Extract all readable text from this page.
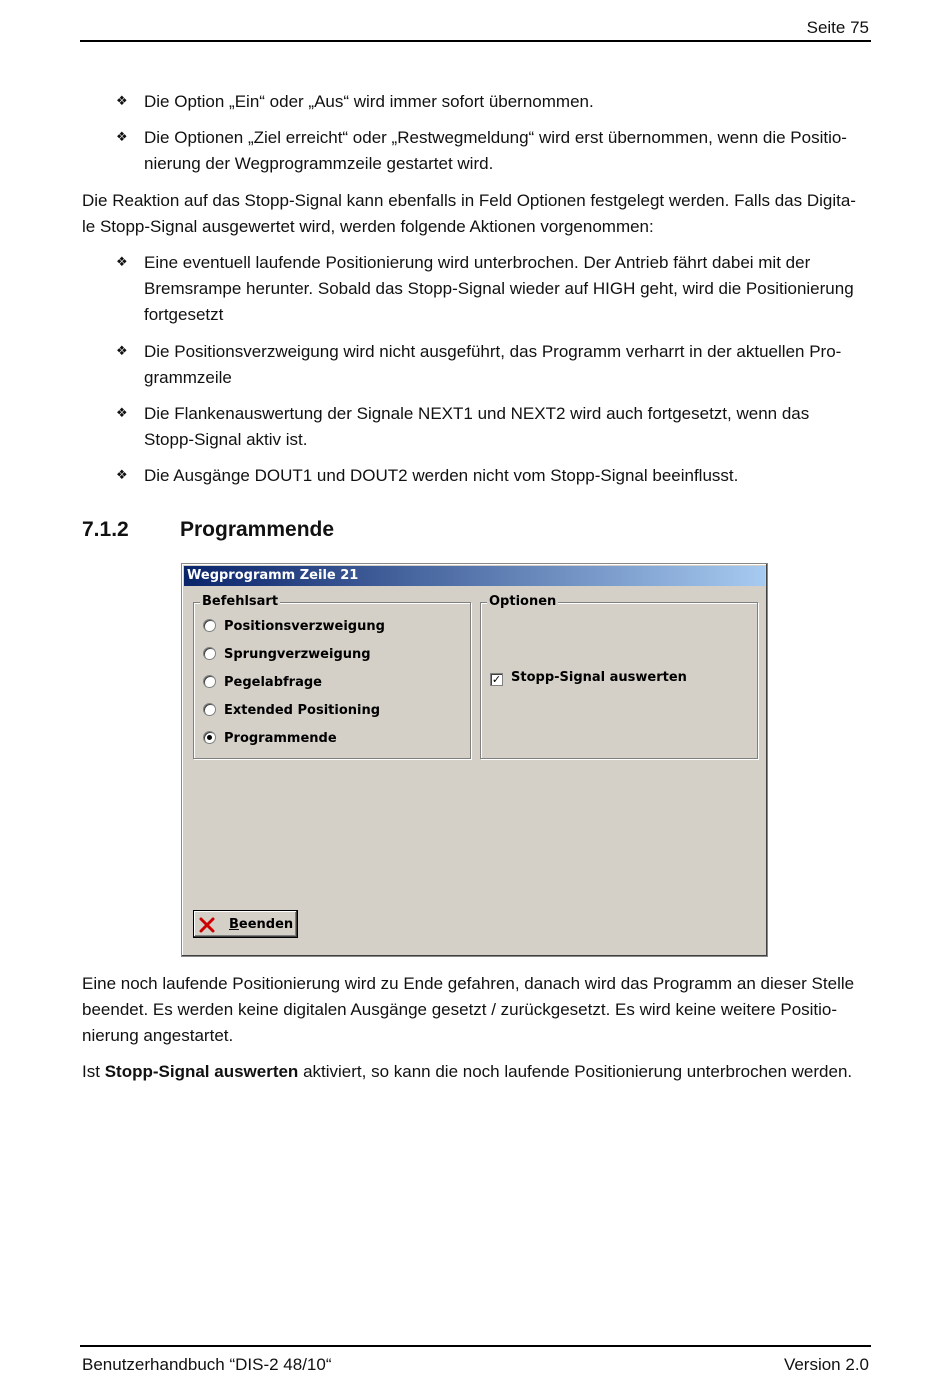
Seite 75
❖ Die Option „Ein“ oder „Aus“ wird immer sofort übernommen.
❖ Die Optionen „Ziel erreicht“ oder „Restwegmeldung“ wird erst übernommen, wenn die Positio-
nierung der Wegprogrammzeile gestartet wird.
Die Reaktion auf das Stopp-Signal kann ebenfalls in Feld Optionen festgelegt werden. Falls das Digita-
le Stopp-Signal ausgewertet wird, werden folgende Aktionen vorgenommen:
❖ Eine eventuell laufende Positionierung wird unterbrochen. Der Antrieb fährt dabei mit der
Bremsrampe herunter. Sobald das Stopp-Signal wieder auf HIGH geht, wird die Positionierung
fortgesetzt
❖ Die Positionsverzweigung wird nicht ausgeführt, das Programm verharrt in der aktuellen Pro-
grammzeile
❖ Die Flankenauswertung der Signale NEXT1 und NEXT2 wird auch fortgesetzt, wenn das
Stopp-Signal aktiv ist.
❖ Die Ausgänge DOUT1 und DOUT2 werden nicht vom Stopp-Signal beeinflusst.
7.1.2 Programmende
Wegprogramm Zeile 21
Befehlsart
Positionsverzweigung
Sprungverzweigung
Pegelabfrage
Extended Positioning
Programmende
Optionen
✓ Stopp-Signal auswerten
Beenden
Eine noch laufende Positionierung wird zu Ende gefahren, danach wird das Programm an dieser Stelle
beendet. Es werden keine digitalen Ausgänge gesetzt / zurückgesetzt. Es wird keine weitere Positio-
nierung angestartet.
Ist Stopp-Signal auswerten aktiviert, so kann die noch laufende Positionierung unterbrochen werden.
Benutzerhandbuch “DIS-2 48/10“	Version 2.0
